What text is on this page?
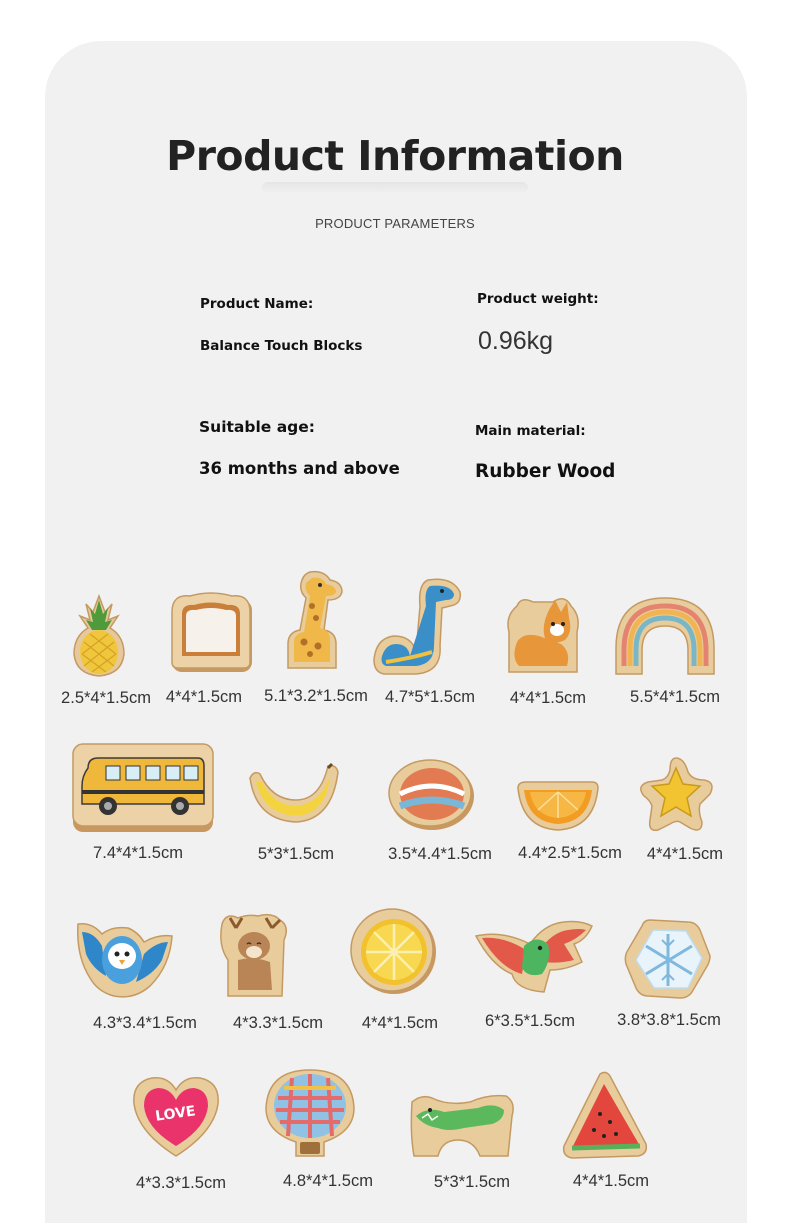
Product Information
PRODUCT PARAMETERS
Product Name:
Balance Touch Blocks
Product weight:
0.96kg
Suitable age:
36 months and above
Main material:
Rubber Wood
2.5*4*1.5cm 4*4*1.5cm 5.1*3.2*1.5cm 4.7*5*1.5cm 4*4*1.5cm	5.5*4*1.5cm
7.4*4*1.5cm	5*3*1.5cm	3.5*4.4*1.5cm 4.4*2.5*1.5cm 4*4*1.5cm
4.3*3.4*1.5cm 4*3.3*1.5cm 4*4*1.5cm	6*3.5*1.5cm	3.8*3.8*1.5cm
LOVE
4*3.3*1.5cm	4.8*4*1.5cm	5*3*1.5cm	4*4*1.5cm
